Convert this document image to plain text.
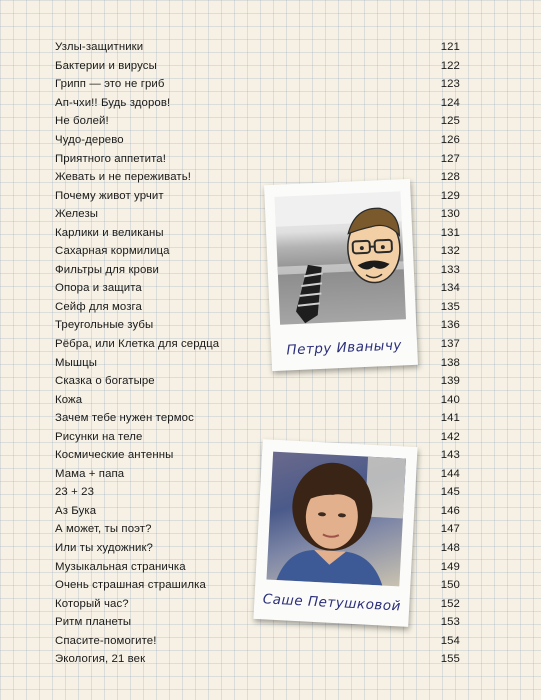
Узлы-защитники	121
Бактерии и вирусы	122
Грипп — это не гриб	123
Ап-чхи!! Будь здоров!	124
Не болей!	125
Чудо-дерево	126
Приятного аппетита!	127
Жевать и не переживать!	128
Почему живот урчит	129
Железы	130
Карлики и великаны	131
Сахарная кормилица	132
Фильтры для крови	133
Опора и защита	134
Сейф для мозга	135
Треугольные зубы	136
Рёбра, или Клетка для сердца	137
Мышцы	138
Сказка о богатыре	139
Кожа	140
Зачем тебе нужен термос	141
Рисунки на теле	142
Космические антенны	143
Мама + папа	144
23 + 23	145
Аз Бука	146
А может, ты поэт?	147
Или ты художник?	148
Музыкальная страничка	149
Очень страшная страшилка	150
Который час?	152
Ритм планеты	153
Спасите-помогите!	154
Экология, 21 век	155
Петру Иванычу
Саше Петушковой
